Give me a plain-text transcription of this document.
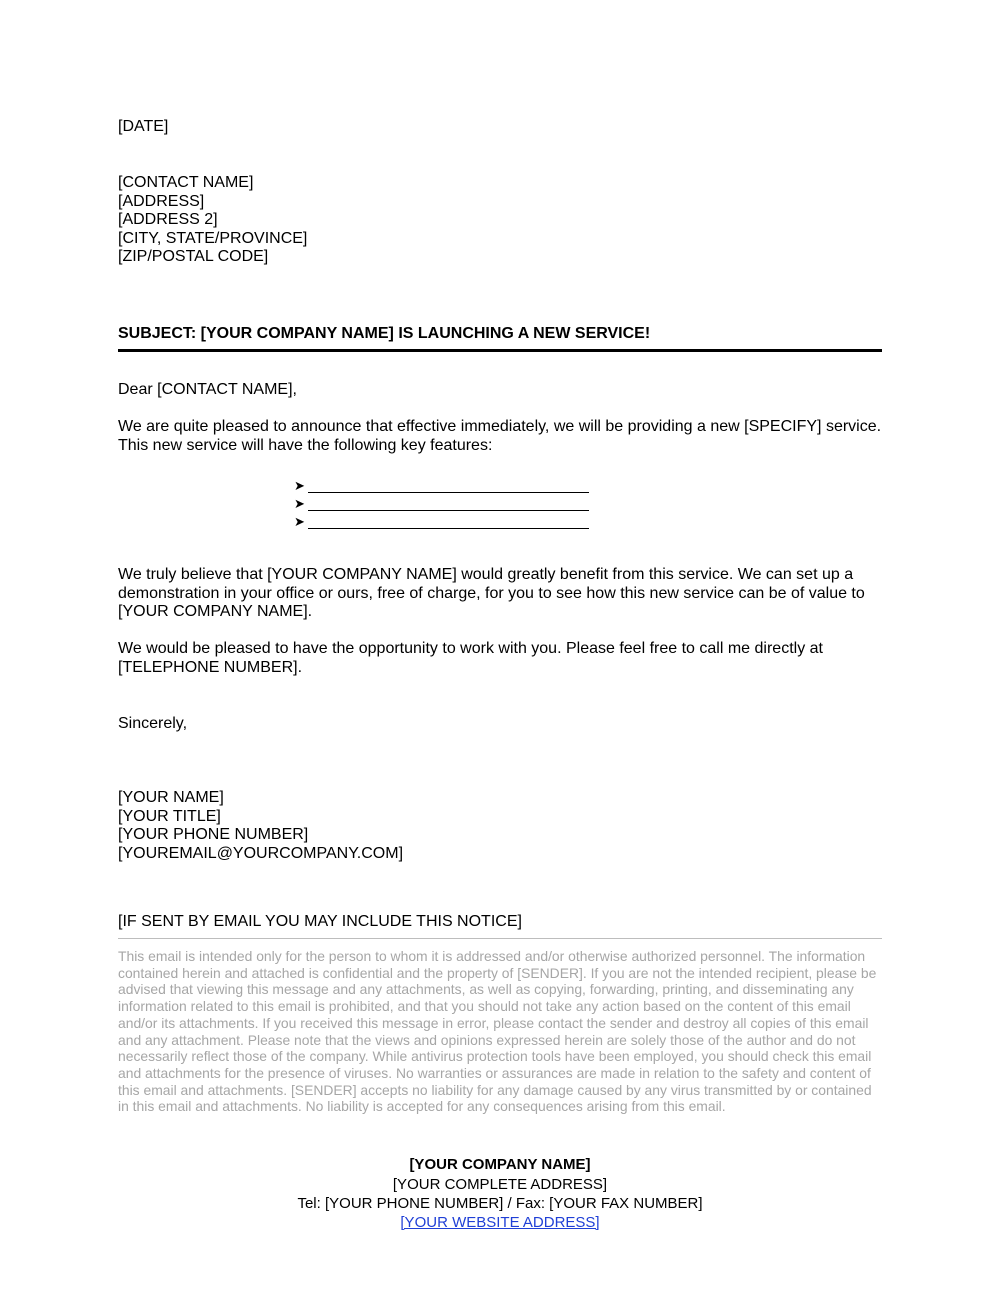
[DATE]
[CONTACT NAME]
[ADDRESS]
[ADDRESS 2]
[CITY, STATE/PROVINCE]
[ZIP/POSTAL CODE]
SUBJECT: [YOUR COMPANY NAME] IS LAUNCHING A NEW SERVICE!
Dear [CONTACT NAME],
We are quite pleased to announce that effective immediately, we will be providing a new [SPECIFY] service. This new service will have the following key features:
➤
➤
➤
We truly believe that [YOUR COMPANY NAME] would greatly benefit from this service. We can set up a demonstration in your office or ours, free of charge, for you to see how this new service can be of value to [YOUR COMPANY NAME].
We would be pleased to have the opportunity to work with you. Please feel free to call me directly at [TELEPHONE NUMBER].
Sincerely,
[YOUR NAME]
[YOUR TITLE]
[YOUR PHONE NUMBER]
[YOUREMAIL@YOURCOMPANY.COM]
[IF SENT BY EMAIL YOU MAY INCLUDE THIS NOTICE]
This email is intended only for the person to whom it is addressed and/or otherwise authorized personnel. The information contained herein and attached is confidential and the property of [SENDER]. If you are not the intended recipient, please be advised that viewing this message and any attachments, as well as copying, forwarding, printing, and disseminating any information related to this email is prohibited, and that you should not take any action based on the content of this email and/or its attachments. If you received this message in error, please contact the sender and destroy all copies of this email and any attachment. Please note that the views and opinions expressed herein are solely those of the author and do not necessarily reflect those of the company. While antivirus protection tools have been employed, you should check this email and attachments for the presence of viruses. No warranties or assurances are made in relation to the safety and content of this email and attachments. [SENDER] accepts no liability for any damage caused by any virus transmitted by or contained in this email and attachments. No liability is accepted for any consequences arising from this email.
[YOUR COMPANY NAME]
[YOUR COMPLETE ADDRESS]
Tel: [YOUR PHONE NUMBER] / Fax: [YOUR FAX NUMBER]
[YOUR WEBSITE ADDRESS]
